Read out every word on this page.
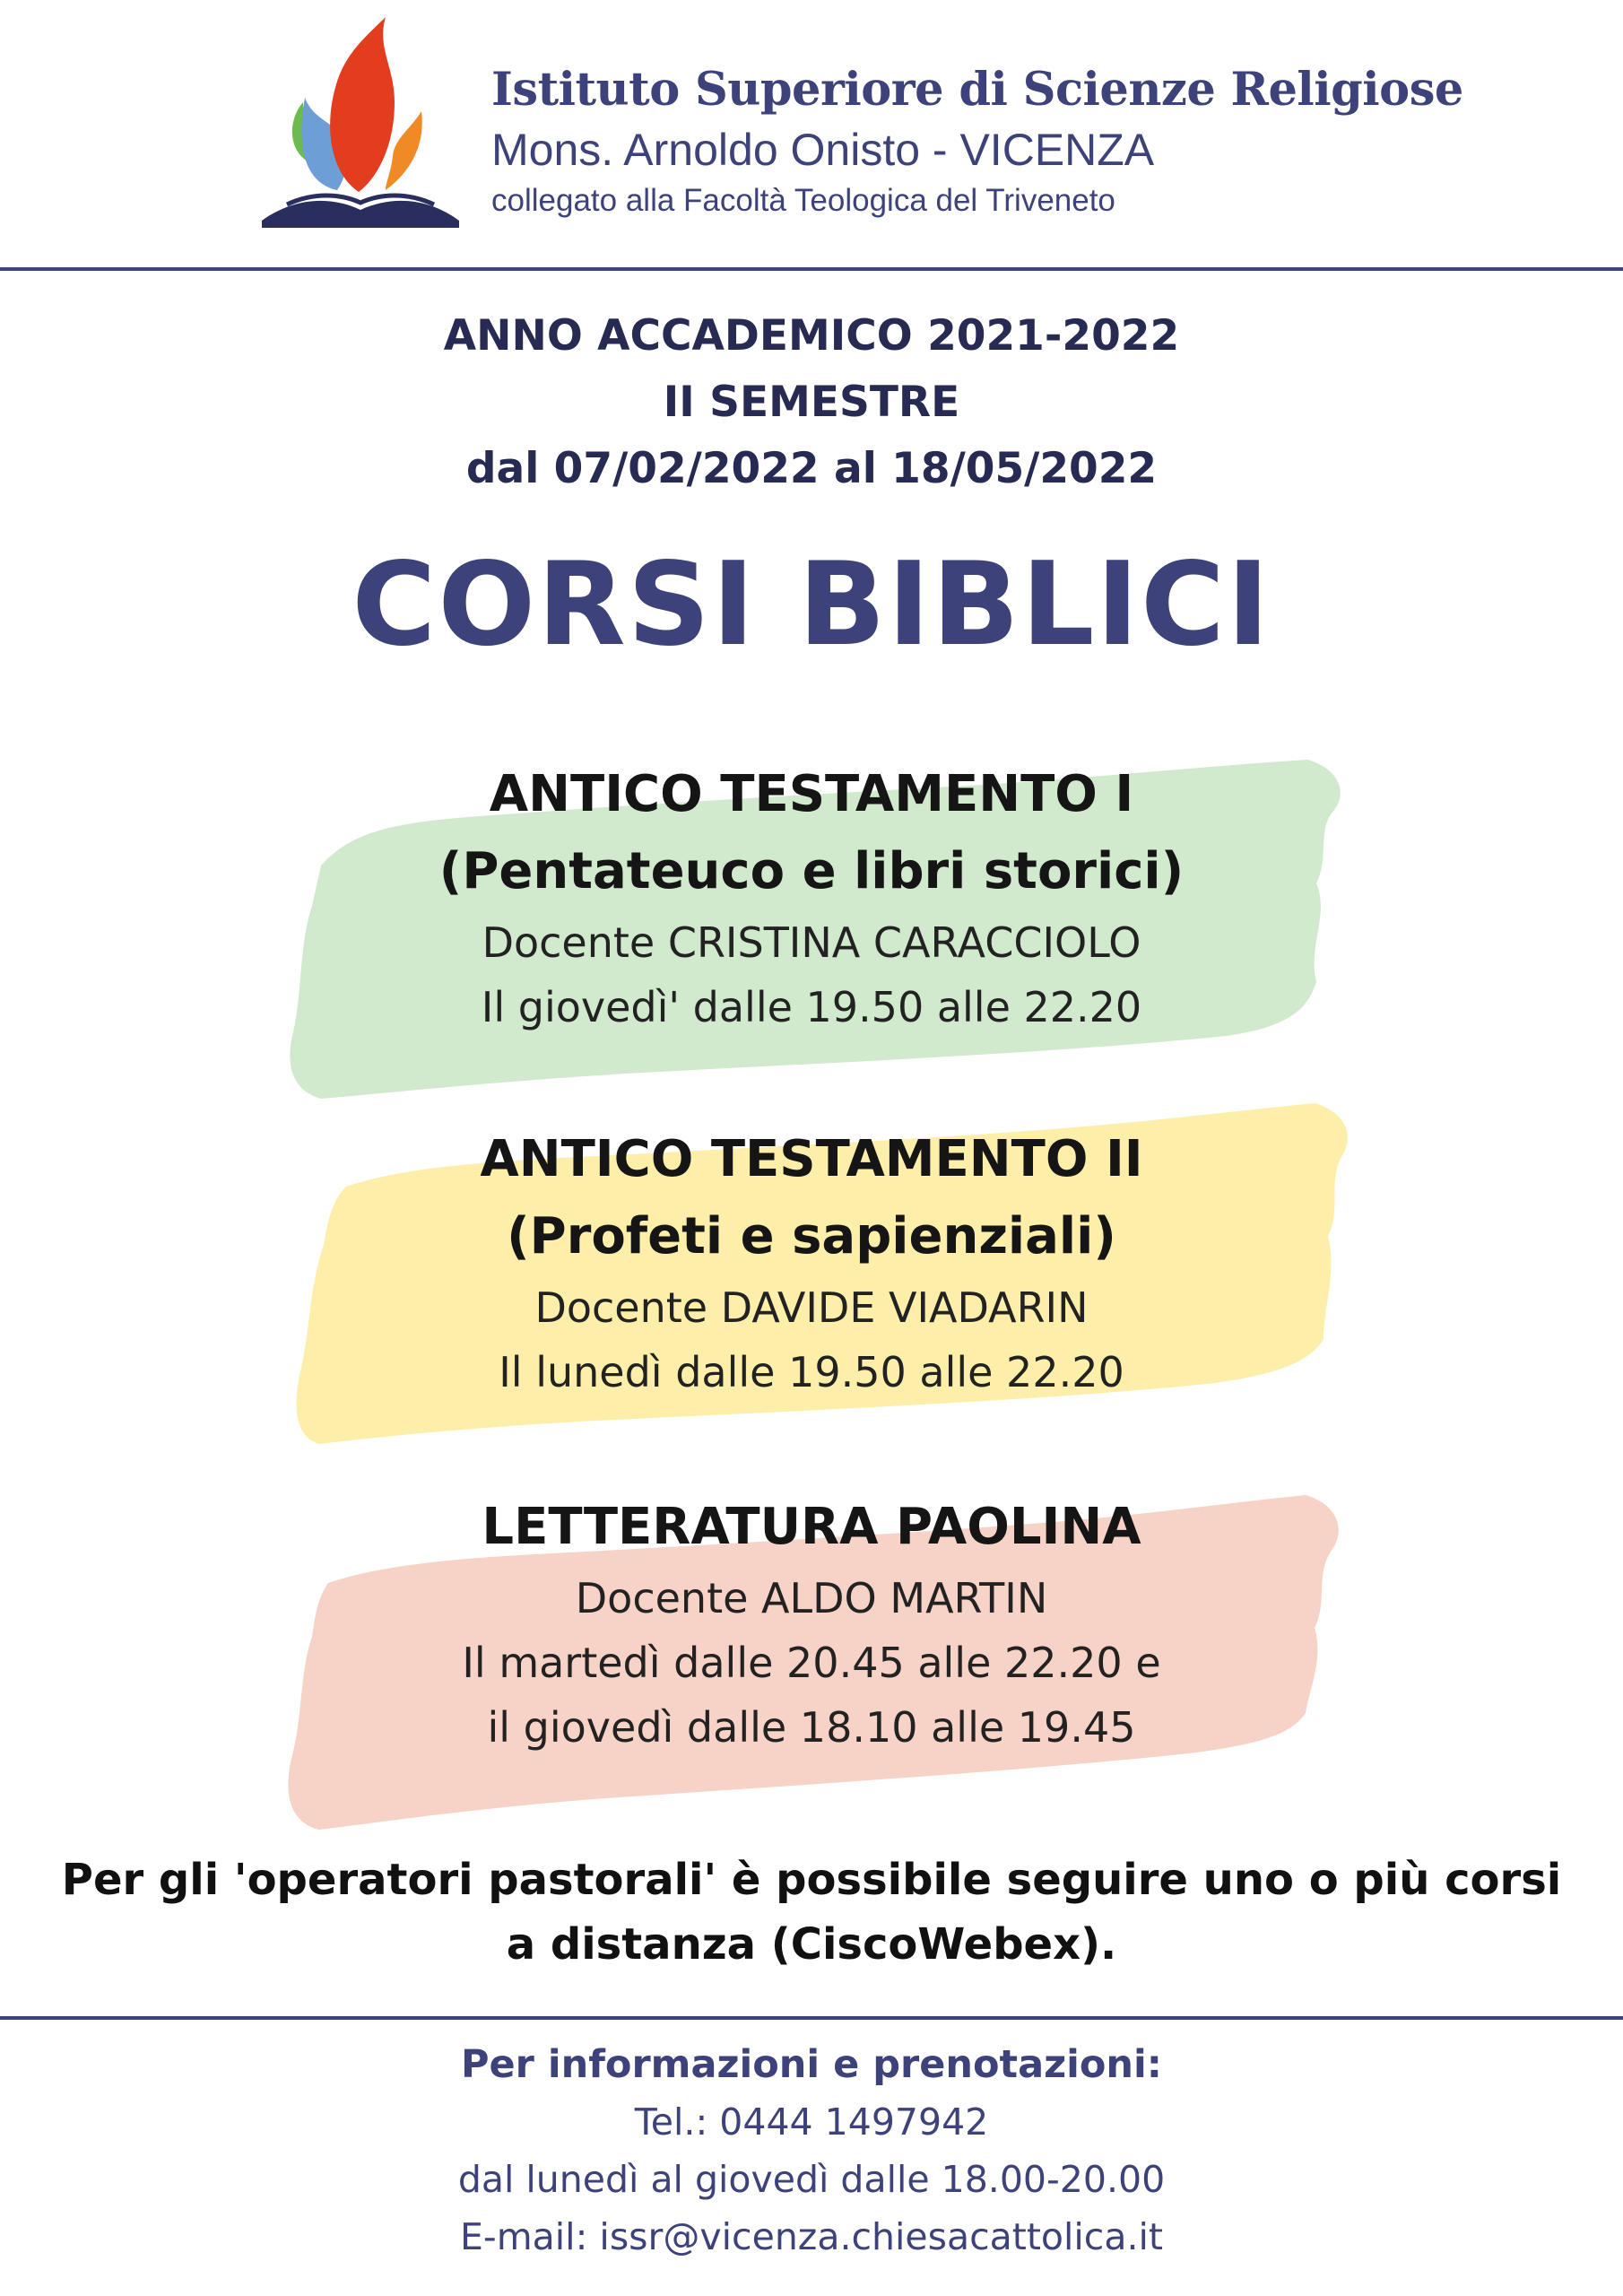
Istituto Superiore di Scienze Religiose
Mons. Arnoldo Onisto - VICENZA
collegato alla Facoltà Teologica del Triveneto
ANNO ACCADEMICO 2021-2022
II SEMESTRE
dal 07/02/2022 al 18/05/2022
CORSI BIBLICI
ANTICO TESTAMENTO I
(Pentateuco e libri storici)
Docente CRISTINA CARACCIOLO
Il giovedì' dalle 19.50 alle 22.20
ANTICO TESTAMENTO II
(Profeti e sapienziali)
Docente DAVIDE VIADARIN
Il lunedì dalle 19.50 alle 22.20
LETTERATURA PAOLINA
Docente ALDO MARTIN
Il martedì dalle 20.45 alle 22.20 e
il giovedì dalle 18.10 alle 19.45
Per gli 'operatori pastorali' è possibile seguire uno o più corsi
a distanza (CiscoWebex).
Per informazioni e prenotazioni:
Tel.: 0444 1497942
dal lunedì al giovedì dalle 18.00-20.00
E-mail: issr@vicenza.chiesacattolica.it
